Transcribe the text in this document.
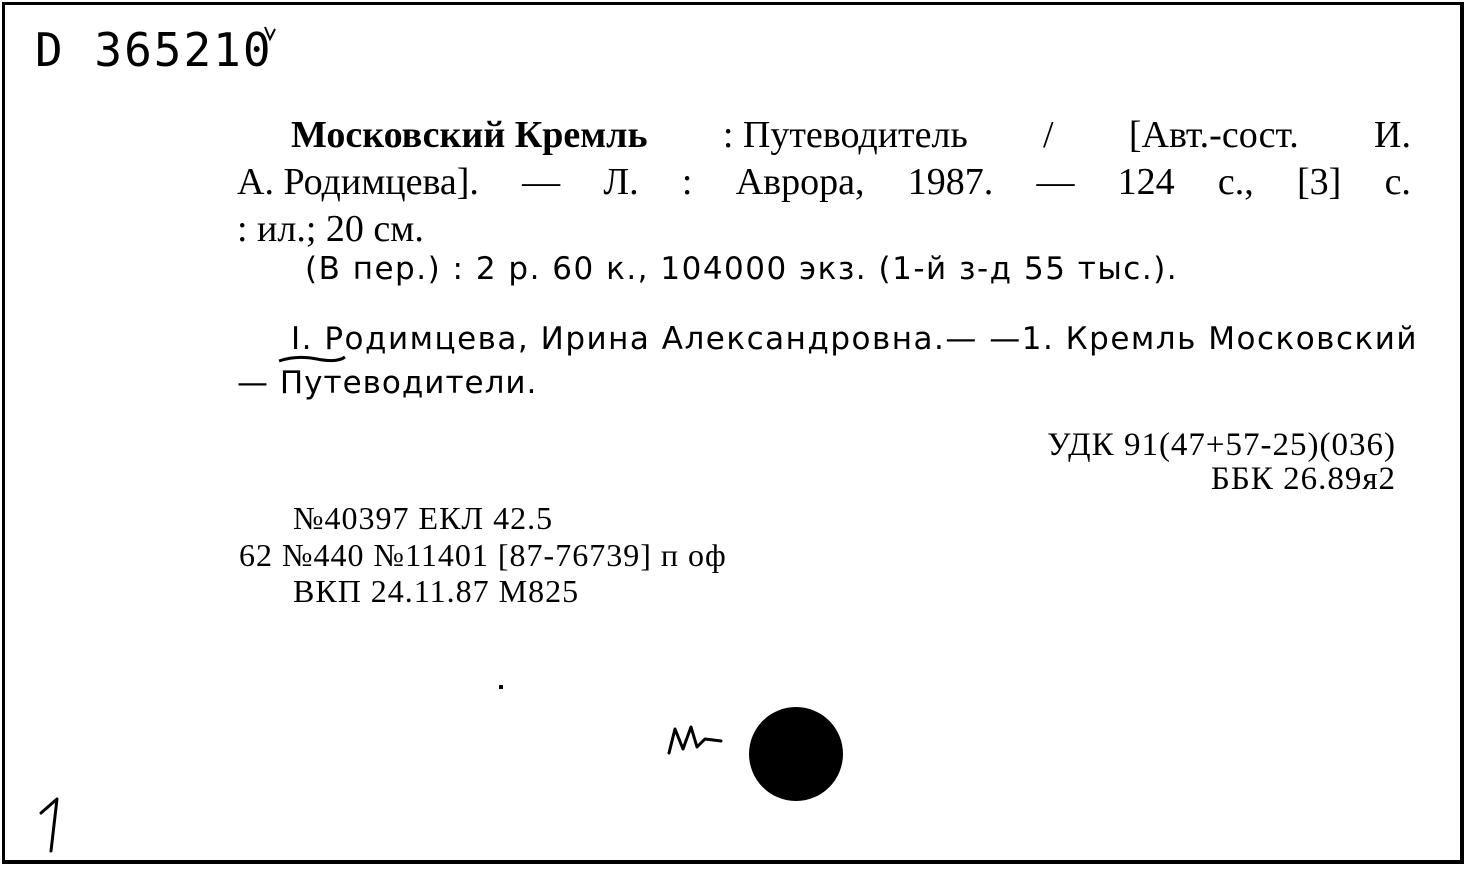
D 365210
Московский Кремль : Путеводитель / [Авт.-сост. И.
А. Родимцева]. — Л. : Аврора, 1987. — 124 с., [3] с.
: ил.; 20 см.
(В пер.) : 2 р. 60 к., 104000 экз. (1-й з-д 55 тыс.).
I. Родимцева, Ирина Александровна. — — 1. Кремль Московский
— Путеводители.
УДК 91(47+57-25)(036)
ББК 26.89я2
№40397 ЕКЛ 42.5
62 №440 №11401 [87-76739] п оф
ВКП 24.11.87 М825
